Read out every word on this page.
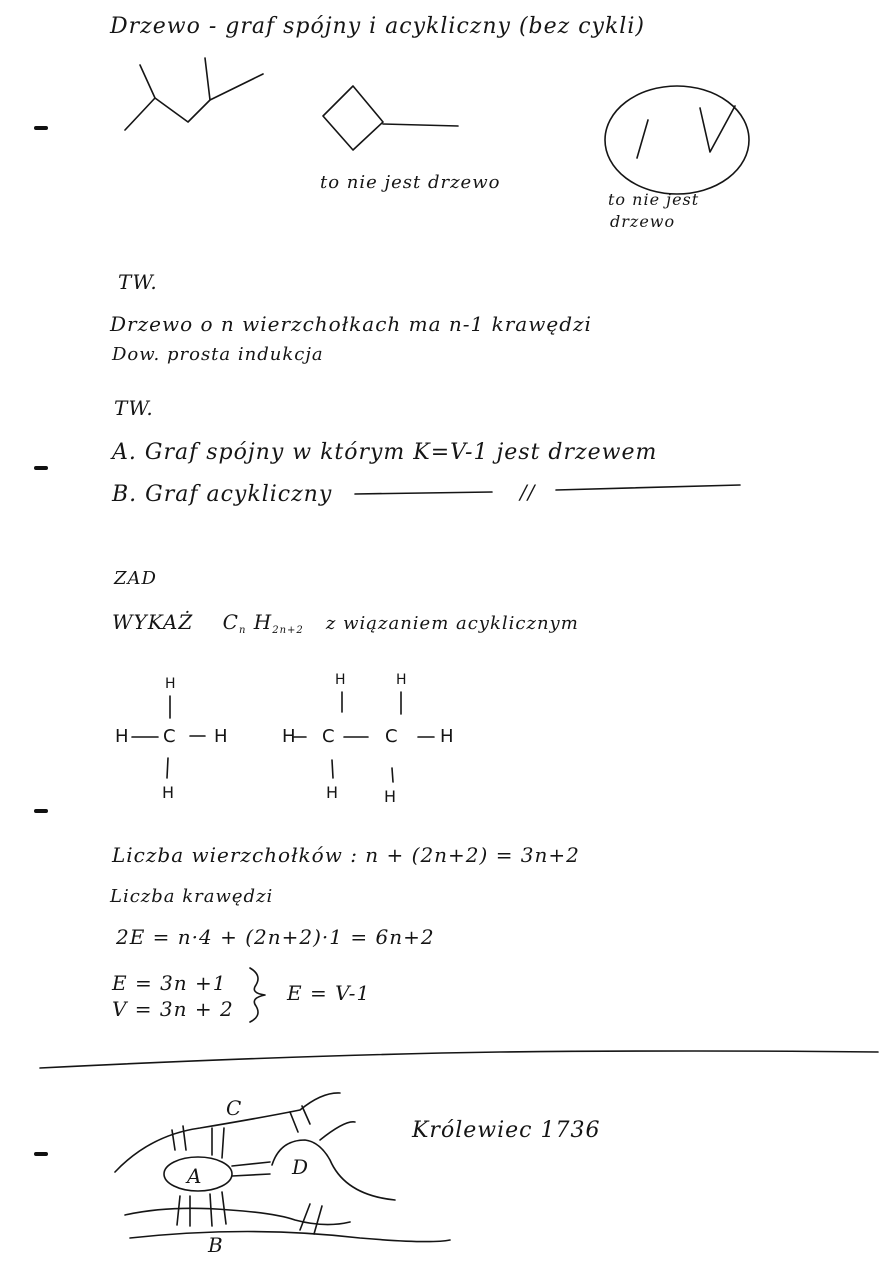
Drzewo - graf spójny i acykliczny (bez cykli)
to nie jest drzewo
to nie jest
drzewo
TW.
Drzewo o n wierzchołkach ma n-1 krawędzi
Dow. prosta indukcja
TW.
A. Graf spójny w którym K=V-1 jest drzewem
B. Graf acykliczny	//
ZAD
WYKAŻ $C_n$ $H_{2n+2}$ z wiązaniem acyklicznym
H
H C H
H
H	H
H C	C H
H	H
Liczba wierzchołków : n + (2n+2) = 3n+2
Liczba krawędzi
2E = n·4 + (2n+2)·1 = 6n+2
E = 3n +1
V = 3n + 2
E = V-1
Królewiec 1736
C
A	D
B
